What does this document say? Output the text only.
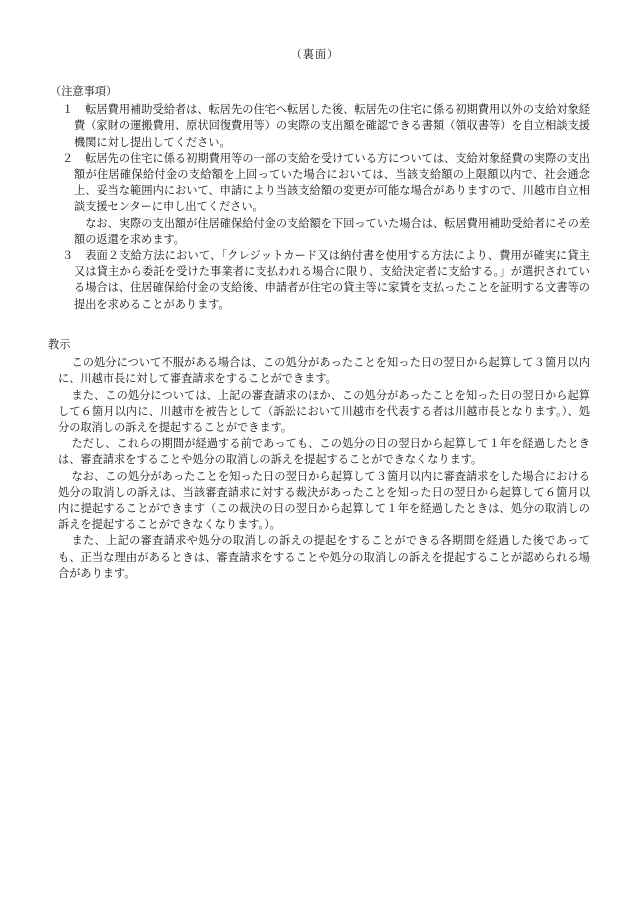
（裏面）
（注意事項）
１	転居費用補助受給者は、転居先の住宅へ転居した後、転居先の住宅に係る初期費用以外の支給対象経費（家財の運搬費用、原状回復費用等）の実際の支出額を確認できる書類（領収書等）を自立相談支援機関に対し提出してください。

２	転居先の住宅に係る初期費用等の一部の支給を受けている方については、支給対象経費の実際の支出額が住居確保給付金の支給額を上回っていた場合においては、当該支給額の上限額以内で、社会通念上、妥当な範囲内において、申請により当該支給額の変更が可能な場合がありますので、川越市自立相談支援センターに申し出てください。

なお、実際の支出額が住居確保給付金の支給額を下回っていた場合は、転居費用補助受給者にその差額の返還を求めます。

３	表面２支給方法において、「クレジットカード又は納付書を使用する方法により、費用が確実に貸主又は貸主から委託を受けた事業者に支払われる場合に限り、支給決定者に支給する。」が選択されている場合は、住居確保給付金の支給後、申請者が住宅の貸主等に家賃を支払ったことを証明する文書等の提出を求めることがあります。

教示

この処分について不服がある場合は、この処分があったことを知った日の翌日から起算して３箇月以内に、川越市長に対して審査請求をすることができます。

また、この処分については、上記の審査請求のほか、この処分があったことを知った日の翌日から起算して６箇月以内に、川越市を被告として（訴訟において川越市を代表する者は川越市長となります。）、処分の取消しの訴えを提起することができます。

ただし、これらの期間が経過する前であっても、この処分の日の翌日から起算して１年を経過したときは、審査請求をすることや処分の取消しの訴えを提起することができなくなります。

なお、この処分があったことを知った日の翌日から起算して３箇月以内に審査請求をした場合における処分の取消しの訴えは、当該審査請求に対する裁決があったことを知った日の翌日から起算して６箇月以内に提起することができます（この裁決の日の翌日から起算して１年を経過したときは、処分の取消しの訴えを提起することができなくなります。）。

また、上記の審査請求や処分の取消しの訴えの提起をすることができる各期間を経過した後であっても、正当な理由があるときは、審査請求をすることや処分の取消しの訴えを提起することが認められる場合があります。
